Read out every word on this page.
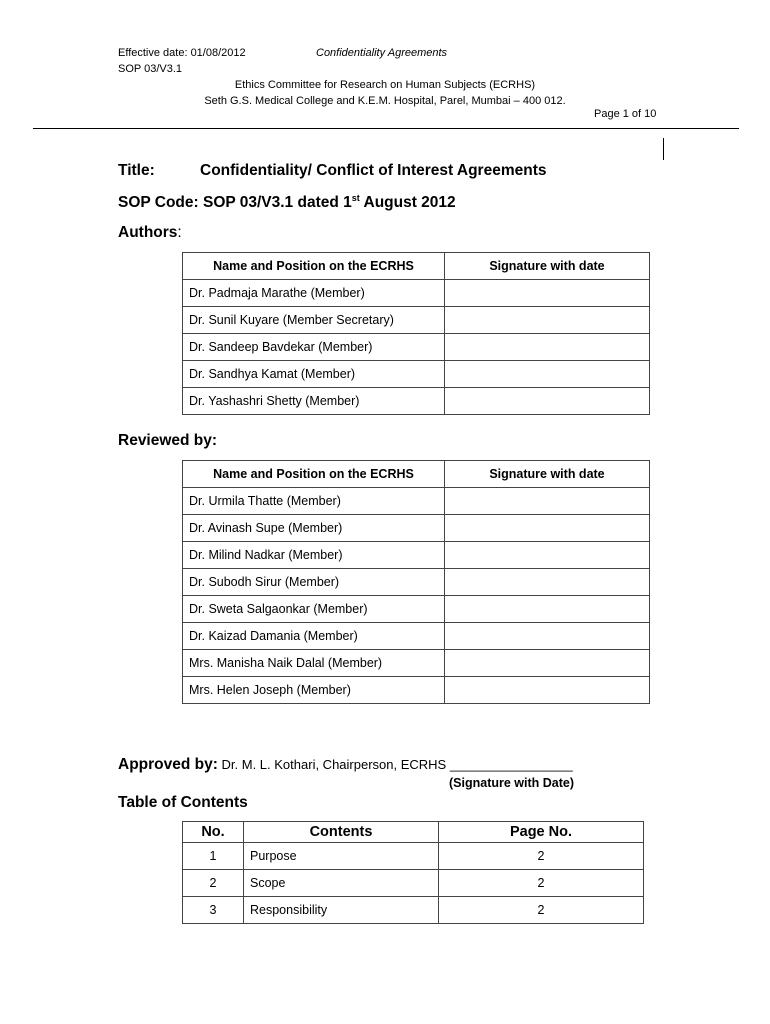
Effective date: 01/08/2012	Confidentiality Agreements
SOP 03/V3.1
Ethics Committee for Research on Human Subjects (ECRHS)
Seth G.S. Medical College and K.E.M. Hospital, Parel, Mumbai – 400 012.
Page 1 of 10
Title:	Confidentiality/ Conflict of Interest Agreements
SOP Code: SOP 03/V3.1 dated 1st August 2012
Authors:
Name and Position on the ECRHS	Signature with date
Dr. Padmaja Marathe (Member)	
Dr. Sunil Kuyare (Member Secretary)	
Dr. Sandeep Bavdekar (Member)	
Dr. Sandhya Kamat (Member)	
Dr. Yashashri Shetty (Member)	
Reviewed by:
Name and Position on the ECRHS	Signature with date
Dr. Urmila Thatte (Member)	
Dr. Avinash Supe (Member)	
Dr. Milind Nadkar (Member)	
Dr. Subodh Sirur (Member)	
Dr. Sweta Salgaonkar (Member)	
Dr. Kaizad Damania (Member)	
Mrs. Manisha Naik Dalal (Member)	
Mrs. Helen Joseph (Member)	
Approved by: Dr. M. L. Kothari, Chairperson, ECRHS _________________
(Signature with Date)
Table of Contents
No.	Contents	Page No.
1	Purpose	2
2	Scope	2
3	Responsibility	2
